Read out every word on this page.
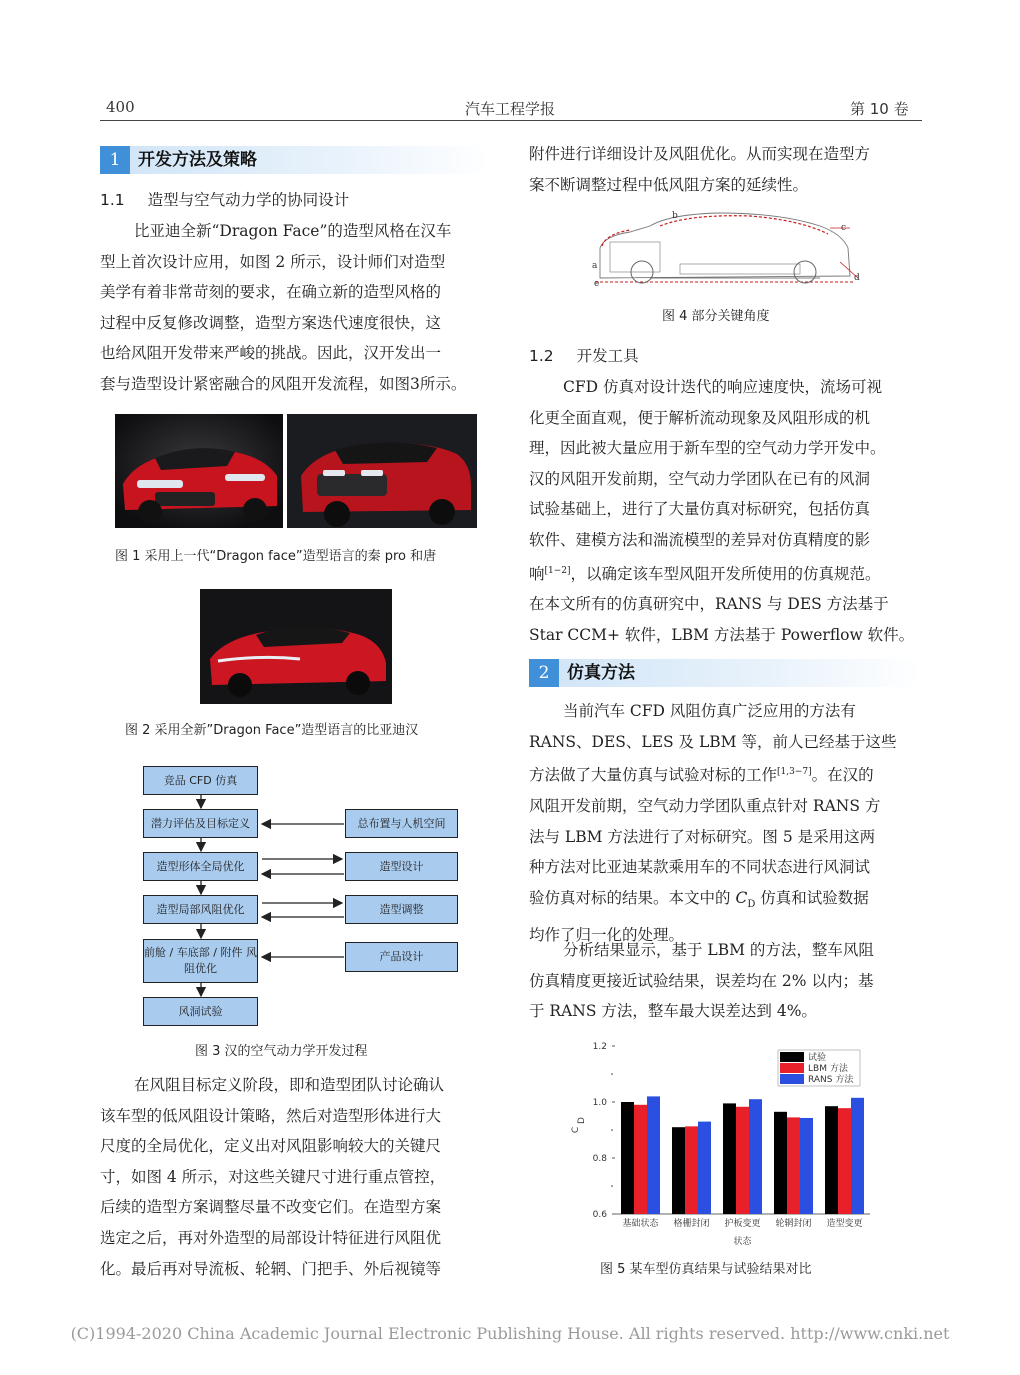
400	汽车工程学报	第 10 卷
1	开发方法及策略
1.1 造型与空气动力学的协同设计
比亚迪全新“Dragon Face”的造型风格在汉车
型上首次设计应用，如图 2 所示，设计师们对造型
美学有着非常苛刻的要求，在确立新的造型风格的
过程中反复修改调整，造型方案迭代速度很快，这
也给风阻开发带来严峻的挑战。因此，汉开发出一
套与造型设计紧密融合的风阻开发流程，如图3所示。
图 1 采用上一代“Dragon face”造型语言的秦 pro 和唐
图 2 采用全新”Dragon Face”造型语言的比亚迪汉
竞品 CFD 仿真
潜力评估及目标定义
造型形体全局优化
造型局部风阻优化
前舱 / 车底部 / 附件 风阻优化
风洞试验
总布置与人机空间
造型设计
造型调整
产品设计
图 3 汉的空气动力学开发过程
在风阻目标定义阶段，即和造型团队讨论确认
该车型的低风阻设计策略，然后对造型形体进行大
尺度的全局优化，定义出对风阻影响较大的关键尺
寸，如图 4 所示，对这些关键尺寸进行重点管控，
后续的造型方案调整尽量不改变它们。在造型方案
选定之后，再对外造型的局部设计特征进行风阻优
化。最后再对导流板、轮辋、门把手、外后视镜等
附件进行详细设计及风阻优化。从而实现在造型方
案不断调整过程中低风阻方案的延续性。
a
b
c
d
e
图 4 部分关键角度
1.2 开发工具
CFD 仿真对设计迭代的响应速度快，流场可视
化更全面直观，便于解析流动现象及风阻形成的机
理，因此被大量应用于新车型的空气动力学开发中。
汉的风阻开发前期，空气动力学团队在已有的风洞
试验基础上，进行了大量仿真对标研究，包括仿真
软件、建模方法和湍流模型的差异对仿真精度的影
响[1−2]，以确定该车型风阻开发所使用的仿真规范。
在本文所有的仿真研究中，RANS 与 DES 方法基于
Star CCM+ 软件，LBM 方法基于 Powerflow 软件。
2	仿真方法
当前汽车 CFD 风阻仿真广泛应用的方法有
RANS、DES、LES 及 LBM 等，前人已经基于这些
方法做了大量仿真与试验对标的工作[1,3−7]。在汉的
风阻开发前期，空气动力学团队重点针对 RANS 方
法与 LBM 方法进行了对标研究。图 5 是采用这两
种方法对比亚迪某款乘用车的不同状态进行风洞试
验仿真对标的结果。本文中的 $C_D$ 仿真和试验数据
均作了归一化的处理。
分析结果显示，基于 LBM 的方法，整车风阻
仿真精度更接近试验结果，误差均在 2% 以内；基
于 RANS 方法，整车最大误差达到 4%。
0.6
0.8
1.0
1.2
基础状态 格栅封闭 护板变更 轮辋封闭 造型变更
状态
C
D
试验
LBM 方法
RANS 方法
图 5 某车型仿真结果与试验结果对比
(C)1994-2020 China Academic Journal Electronic Publishing House. All rights reserved. http://www.cnki.net
